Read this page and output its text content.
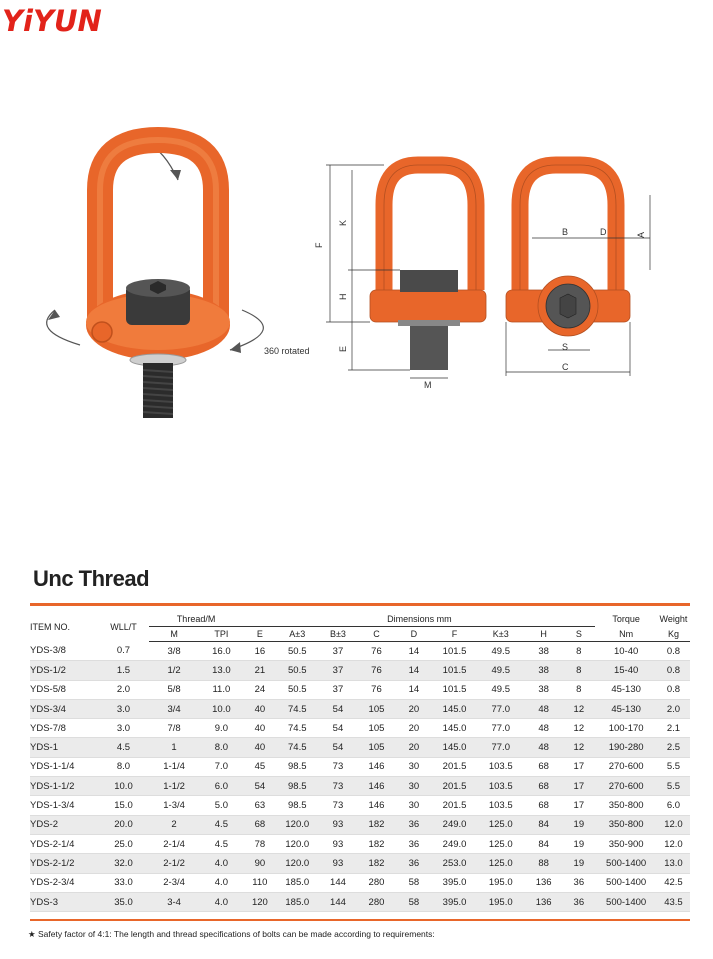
YiYUN
180 pivot
360 rotated
F
K
H
E
M
B	D	A
S
C
Unc Thread
ITEM NO.	WLL/T	Thread/M		Dimensions mm									Torque	Weight
		M	TPI	E	A±3	B±3	C	D	F	K±3	H	S	Nm	Kg
YDS-3/8	0.7	3/8	16.0	16	50.5	37	76	14	101.5	49.5	38	8	10-40	0.8
YDS-1/2	1.5	1/2	13.0	21	50.5	37	76	14	101.5	49.5	38	8	15-40	0.8
YDS-5/8	2.0	5/8	11.0	24	50.5	37	76	14	101.5	49.5	38	8	45-130	0.8
YDS-3/4	3.0	3/4	10.0	40	74.5	54	105	20	145.0	77.0	48	12	45-130	2.0
YDS-7/8	3.0	7/8	9.0	40	74.5	54	105	20	145.0	77.0	48	12	100-170	2.1
YDS-1	4.5	1	8.0	40	74.5	54	105	20	145.0	77.0	48	12	190-280	2.5
YDS-1-1/4	8.0	1-1/4	7.0	45	98.5	73	146	30	201.5	103.5	68	17	270-600	5.5
YDS-1-1/2	10.0	1-1/2	6.0	54	98.5	73	146	30	201.5	103.5	68	17	270-600	5.5
YDS-1-3/4	15.0	1-3/4	5.0	63	98.5	73	146	30	201.5	103.5	68	17	350-800	6.0
YDS-2	20.0	2	4.5	68	120.0	93	182	36	249.0	125.0	84	19	350-800	12.0
YDS-2-1/4	25.0	2-1/4	4.5	78	120.0	93	182	36	249.0	125.0	84	19	350-900	12.0
YDS-2-1/2	32.0	2-1/2	4.0	90	120.0	93	182	36	253.0	125.0	88	19	500-1400	13.0
YDS-2-3/4	33.0	2-3/4	4.0	110	185.0	144	280	58	395.0	195.0	136	36	500-1400	42.5
YDS-3	35.0	3-4	4.0	120	185.0	144	280	58	395.0	195.0	136	36	500-1400	43.5
★ Safety factor of 4:1: The length and thread specifications of bolts can be made according to requirements:
